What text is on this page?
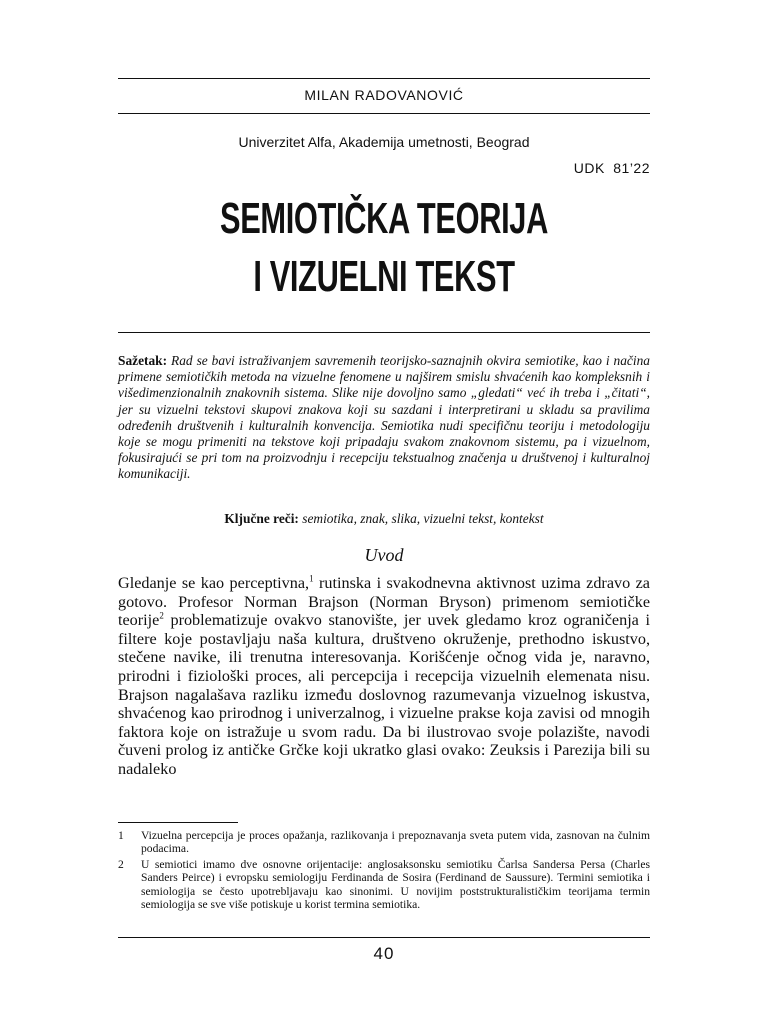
MILAN RADOVANOVIĆ
Univerzitet Alfa, Akademija umetnosti, Beograd
UDK 81’22
SEMIOTIČKA TEORIJA
I VIZUELNI TEKST
Sažetak: Rad se bavi istraživanjem savremenih teorijsko-saznajnih okvira semiotike, kao i načina primene semiotičkih metoda na vizuelne fenomene u najširem smislu shvaćenih kao kompleksnih i višedimenzionalnih znakovnih sistema. Slike nije dovoljno samo „gledati“ već ih treba i „čitati“, jer su vizuelni tekstovi skupovi znakova koji su sazdani i interpretirani u skladu sa pravilima određenih društvenih i kulturalnih konvencija. Semiotika nudi specifičnu teoriju i metodologiju koje se mogu primeniti na tekstove koji pripadaju svakom znakovnom sistemu, pa i vizuelnom, fokusirajući se pri tom na proizvodnju i recepciju tekstualnog značenja u društvenoj i kulturalnoj komunikaciji.
Ključne reči: semiotika, znak, slika, vizuelni tekst, kontekst
Uvod
Gledanje se kao perceptivna,$^1$ rutinska i svakodnevna aktivnost uzima zdravo za gotovo. Profesor Norman Brajson (Norman Bryson) primenom semiotičke teorije$^2$ problematizuje ovakvo stanovište, jer uvek gledamo kroz ograničenja i filtere koje postavljaju naša kultura, društveno okruženje, prethodno iskustvo, stečene navike, ili trenutna interesovanja. Korišćenje očnog vida je, naravno, prirodni i fiziološki proces, ali percepcija i recepcija vizuelnih elemenata nisu. Brajson nagalašava razliku između doslovnog razumevanja vizuelnog iskustva, shvaćenog kao prirodnog i univerzalnog, i vizuelne prakse koja zavisi od mnogih faktora koje on istražuje u svom radu. Da bi ilustrovao svoje polazište, navodi čuveni prolog iz antičke Grčke koji ukratko glasi ovako: Zeuksis i Parezija bili su nadaleko
1 Vizuelna percepcija je proces opažanja, razlikovanja i prepoznavanja sveta putem vida, zasnovan na čulnim podacima.
2 U semiotici imamo dve osnovne orijentacije: anglosaksonsku semiotiku Čarlsa Sandersa Persa (Charles Sanders Peirce) i evropsku semiologiju Ferdinanda de Sosira (Ferdinand de Saussure). Termini semiotika i semiologija se često upotrebljavaju kao sinonimi. U novijim poststrukturalističkim teorijama termin semiologija se sve više potiskuje u korist termina semiotika.
40
